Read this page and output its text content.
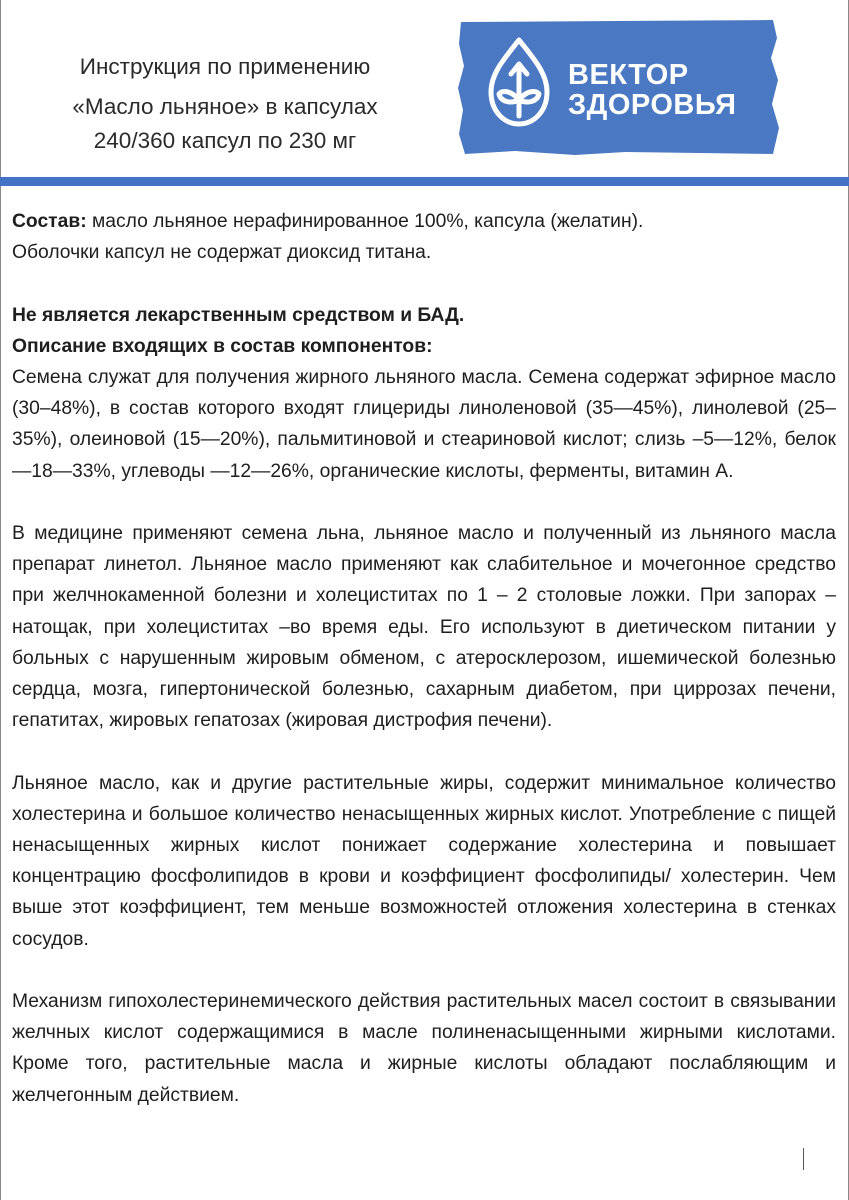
Инструкция по применению
«Масло льняное» в капсулах
240/360 капсул по 230 мг
ВЕКТОР
ЗДОРОВЬЯ

Состав: масло льняное нерафинированное 100%, капсула (желатин).

Оболочки капсул не содержат диоксид титана.

Не является лекарственным средством и БАД.

Описание входящих в состав компонентов:

Семена служат для получения жирного льняного масла. Семена содержат эфирное масло (30–48%), в состав которого входят глицериды линоленовой (35—45%), линолевой (25–35%), олеиновой (15—20%), пальмитиновой и стеариновой кислот; слизь –5—12%, белок—18—33%, углеводы —12—26%, органические кислоты, ферменты, витамин А.

В медицине применяют семена льна, льняное масло и полученный из льняного масла препарат линетол. Льняное масло применяют как слабительное и мочегонное средство при желчнокаменной болезни и холециститах по 1 – 2 столовые ложки. При запорах –натощак, при холециститах –во время еды. Его используют в диетическом питании у больных с нарушенным жировым обменом, с атеросклерозом, ишемической болезнью сердца, мозга, гипертонической болезнью, сахарным диабетом, при циррозах печени, гепатитах, жировых гепатозах (жировая дистрофия печени).

Льняное масло, как и другие растительные жиры, содержит минимальное количество холестерина и большое количество ненасыщенных жирных кислот. Употребление с пищей ненасыщенных жирных кислот понижает содержание холестерина и повышает концентрацию фосфолипидов в крови и коэффициент фосфолипиды/ холестерин. Чем выше этот коэффициент, тем меньше возможностей отложения холестерина в стенках сосудов.

Механизм гипохолестеринемического действия растительных масел состоит в связывании желчных кислот содержащимися в масле полиненасыщенными жирными кислотами. Кроме того, растительные масла и жирные кислоты обладают послабляющим и желчегонным действием.
